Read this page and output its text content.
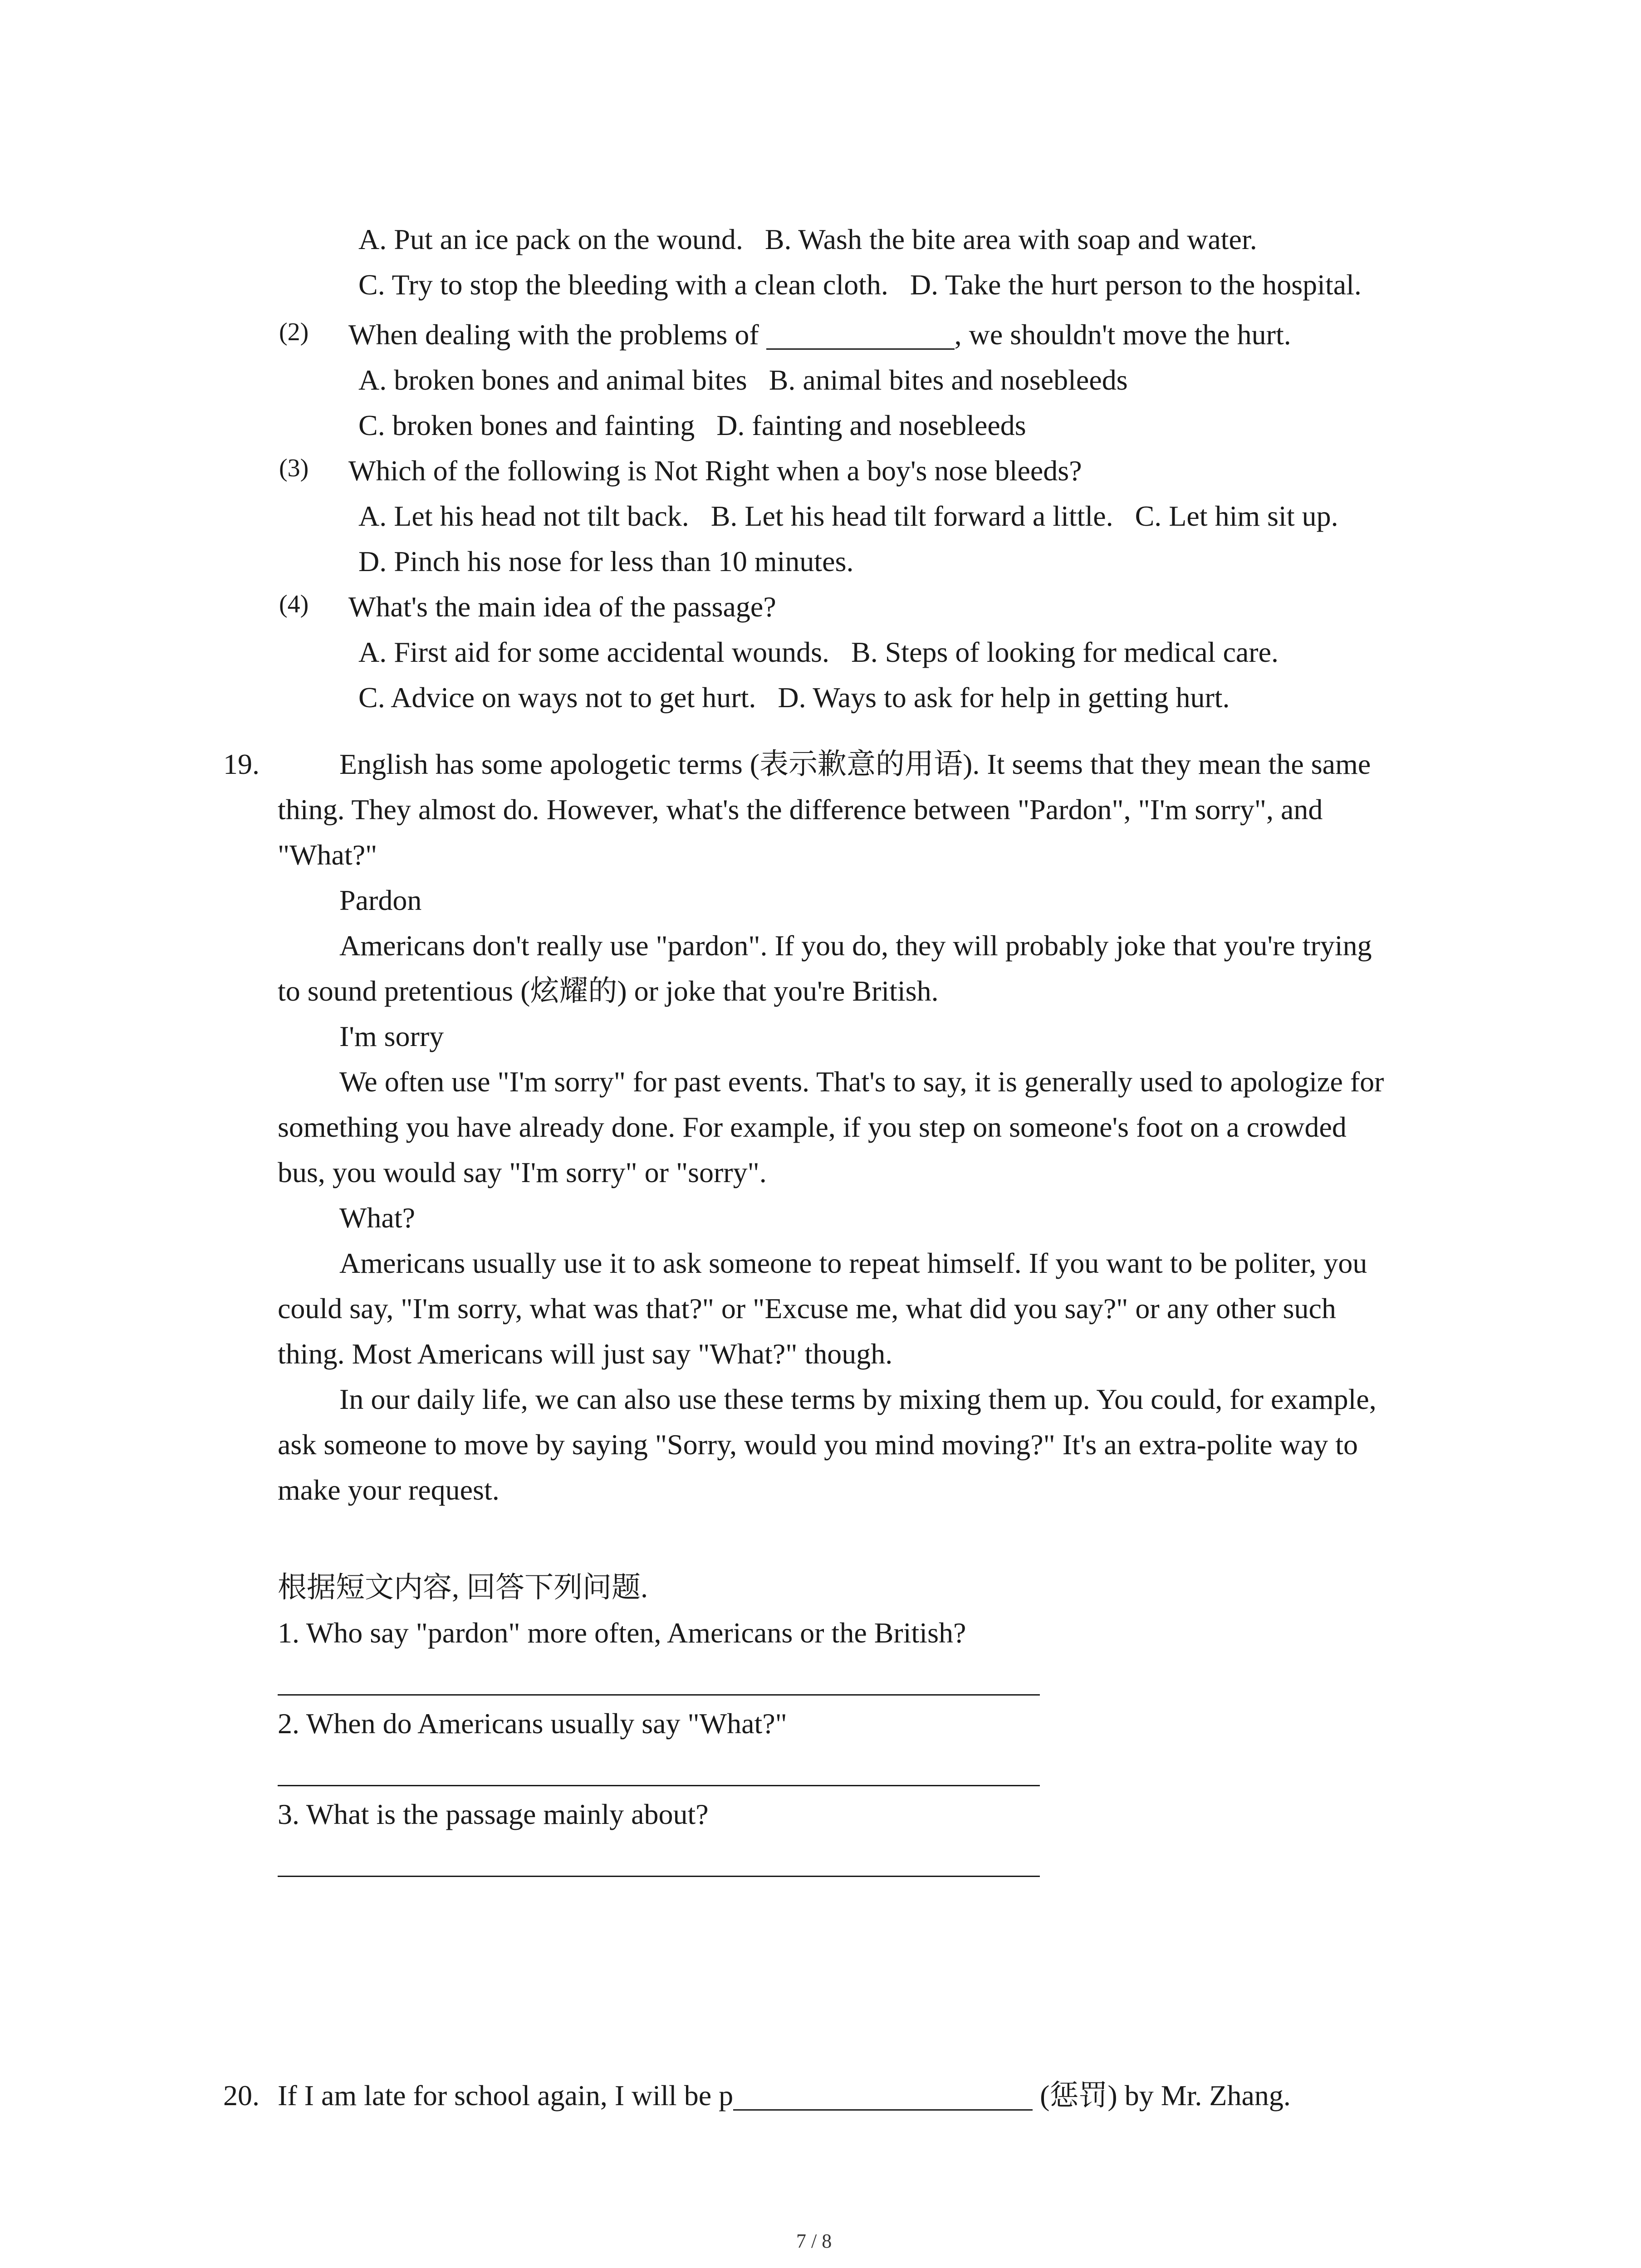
A. Put an ice pack on the wound. B. Wash the bite area with soap and water.
C. Try to stop the bleeding with a clean cloth. D. Take the hurt person to the hospital.
(2) When dealing with the problems of	, we shouldn't move the hurt.
A. broken bones and animal bites B. animal bites and nosebleeds
C. broken bones and fainting D. fainting and nosebleeds
(3) Which of the following is Not Right when a boy's nose bleeds?
A. Let his head not tilt back. B. Let his head tilt forward a little. C. Let him sit up.
D. Pinch his nose for less than 10 minutes.
(4) What's the main idea of the passage?
A. First aid for some accidental wounds. B. Steps of looking for medical care.
C. Advice on ways not to get hurt. D. Ways to ask for help in getting hurt.
19.	English has some apologetic terms (表示歉意的用语). It seems that they mean the same
thing. They almost do. However, what's the difference between "Pardon", "I'm sorry", and
"What?"
Pardon
Americans don't really use "pardon". If you do, they will probably joke that you're trying
to sound pretentious (炫耀的) or joke that you're British.
I'm sorry
We often use "I'm sorry" for past events. That's to say, it is generally used to apologize for
something you have already done. For example, if you step on someone's foot on a crowded
bus, you would say "I'm sorry" or "sorry".
What?
Americans usually use it to ask someone to repeat himself. If you want to be politer, you
could say, "I'm sorry, what was that?" or "Excuse me, what did you say?" or any other such
thing. Most Americans will just say "What?" though.
In our daily life, we can also use these terms by mixing them up. You could, for example,
ask someone to move by saying "Sorry, would you mind moving?" It's an extra-polite way to
make your request.
根据短文内容, 回答下列问题.
1. Who say "pardon" more often, Americans or the British?
2. When do Americans usually say "What?"
3. What is the passage mainly about?
20. If I am late for school again, I will be p	(惩罚) by Mr. Zhang.
7 / 8
